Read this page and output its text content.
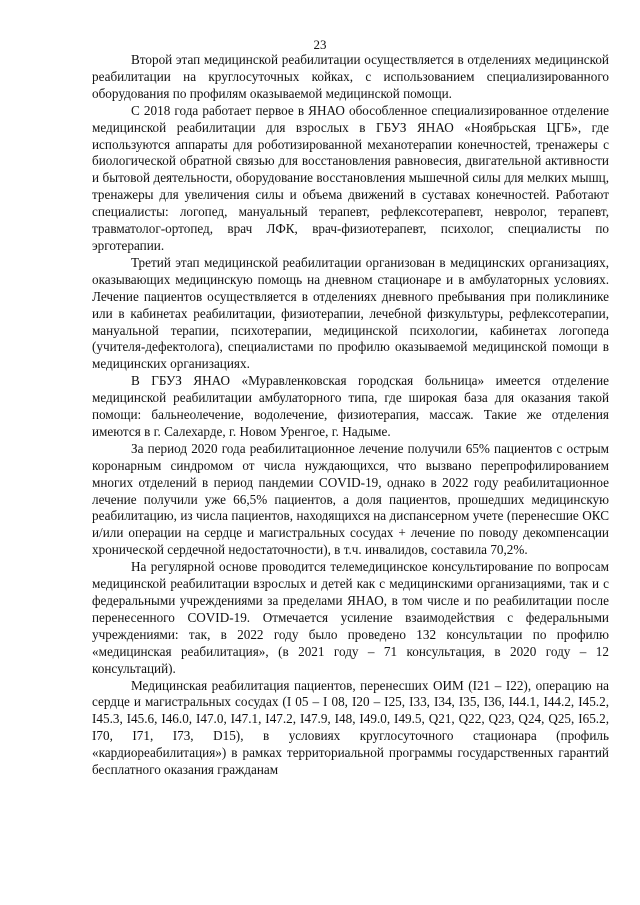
23

Второй этап медицинской реабилитации осуществляется в отделениях медицинской реабилитации на круглосуточных койках, с использованием специализированного оборудования по профилям оказываемой медицинской помощи.

С 2018 года работает первое в ЯНАО обособленное специализированное отделение медицинской реабилитации для взрослых в ГБУЗ ЯНАО «Ноябрьская ЦГБ», где используются аппараты для роботизированной механотерапии конечностей, тренажеры с биологической обратной связью для восстановления равновесия, двигательной активности и бытовой деятельности, оборудование восстановления мышечной силы для мелких мышц, тренажеры для увеличения силы и объема движений в суставах конечностей. Работают специалисты: логопед, мануальный терапевт, рефлексотерапевт, невролог, терапевт, травматолог-ортопед, врач ЛФК, врач-физиотерапевт, психолог, специалисты по эрготерапии.

Третий этап медицинской реабилитации организован в медицинских организациях, оказывающих медицинскую помощь на дневном стационаре и в амбулаторных условиях. Лечение пациентов осуществляется в отделениях дневного пребывания при поликлинике или в кабинетах реабилитации, физиотерапии, лечебной физкультуры, рефлексотерапии, мануальной терапии, психотерапии, медицинской психологии, кабинетах логопеда (учителя-дефектолога), специалистами по профилю оказываемой медицинской помощи в медицинских организациях.

В ГБУЗ ЯНАО «Муравленковская городская больница» имеется отделение медицинской реабилитации амбулаторного типа, где широкая база для оказания такой помощи: бальнеолечение, водолечение, физиотерапия, массаж. Такие же отделения имеются в г. Салехарде, г. Новом Уренгое, г. Надыме.

За период 2020 года реабилитационное лечение получили 65% пациентов с острым коронарным синдромом от числа нуждающихся, что вызвано перепрофилированием многих отделений в период пандемии COVID-19, однако в 2022 году реабилитационное лечение получили уже 66,5% пациентов, а доля пациентов, прошедших медицинскую реабилитацию, из числа пациентов, находящихся на диспансерном учете (перенесшие ОКС и/или операции на сердце и магистральных сосудах + лечение по поводу декомпенсации хронической сердечной недостаточности), в т.ч. инвалидов, составила 70,2%.

На регулярной основе проводится телемедицинское консультирование по вопросам медицинской реабилитации взрослых и детей как с медицинскими организациями, так и с федеральными учреждениями за пределами ЯНАО, в том числе и по реабилитации после перенесенного COVID-19. Отмечается усиление взаимодействия с федеральными учреждениями: так, в 2022 году было проведено 132 консультации по профилю «медицинская реабилитация», (в 2021 году – 71 консультация, в 2020 году – 12 консультаций).

Медицинская реабилитация пациентов, перенесших ОИМ (I21 – I22), операцию на сердце и магистральных сосудах (I 05 – I 08, I20 – I25, I33, I34, I35, I36, I44.1, I44.2, I45.2, I45.3, I45.6, I46.0, I47.0, I47.1, I47.2, I47.9, I48, I49.0, I49.5, Q21, Q22, Q23, Q24, Q25, I65.2, I70, I71, I73, D15), в условиях круглосуточного стационара (профиль «кардиореабилитация») в рамках территориальной программы государственных гарантий бесплатного оказания гражданам
